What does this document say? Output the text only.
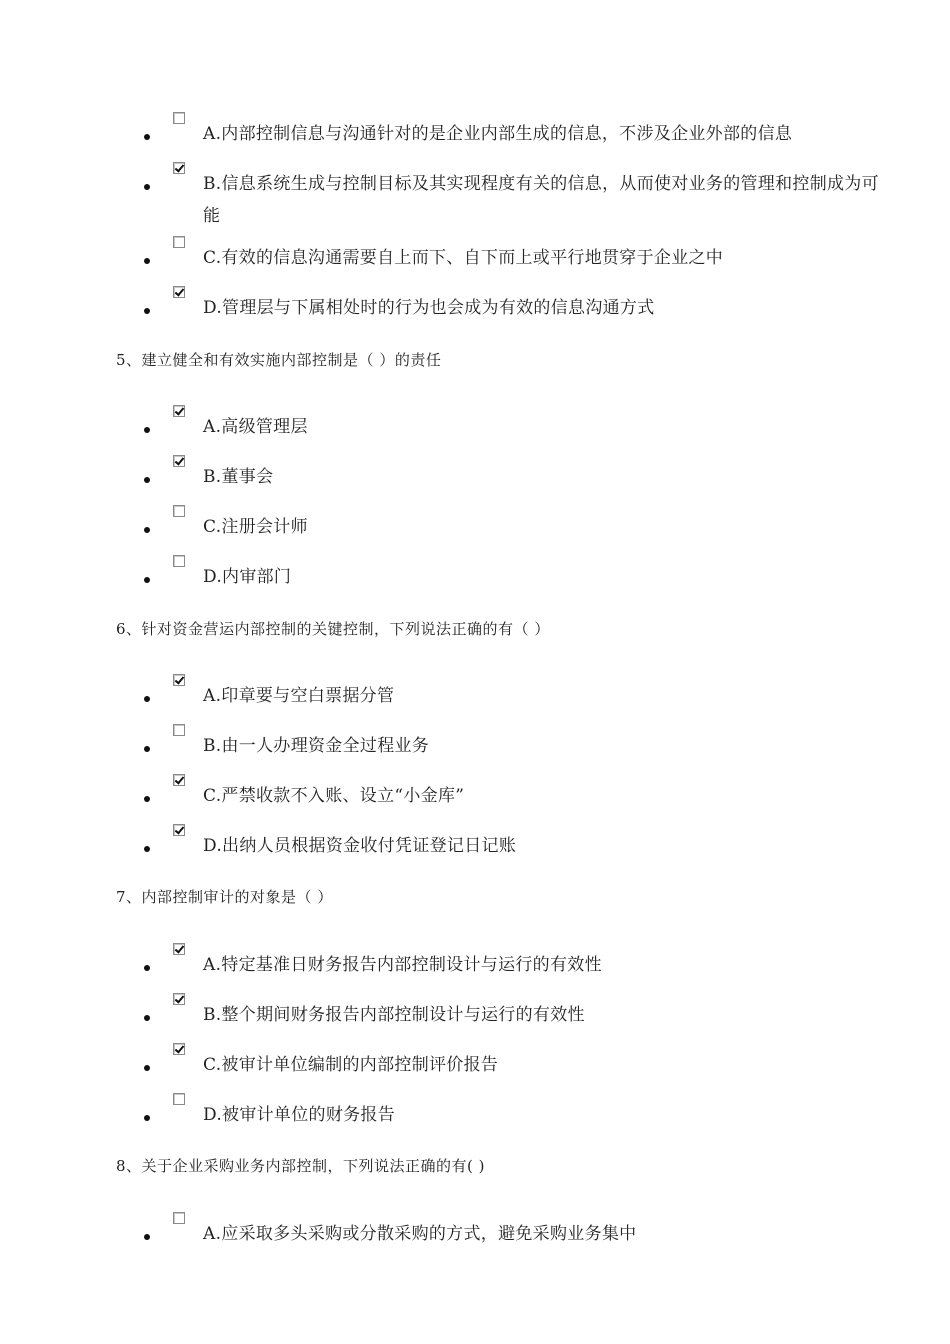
A.内部控制信息与沟通针对的是企业内部生成的信息，不涉及企业外部的信息
B.信息系统生成与控制目标及其实现程度有关的信息，从而使对业务的管理和控制成为可能
C.有效的信息沟通需要自上而下、自下而上或平行地贯穿于企业之中
D.管理层与下属相处时的行为也会成为有效的信息沟通方式
5、建立健全和有效实施内部控制是（ ）的责任
A.高级管理层
B.董事会
C.注册会计师
D.内审部门
6、针对资金营运内部控制的关键控制，下列说法正确的有（ ）
A.印章要与空白票据分管
B.由一人办理资金全过程业务
C.严禁收款不入账、设立“小金库”
D.出纳人员根据资金收付凭证登记日记账
7、内部控制审计的对象是（ ）
A.特定基准日财务报告内部控制设计与运行的有效性
B.整个期间财务报告内部控制设计与运行的有效性
C.被审计单位编制的内部控制评价报告
D.被审计单位的财务报告
8、关于企业采购业务内部控制，下列说法正确的有( )
A.应采取多头采购或分散采购的方式，避免采购业务集中
